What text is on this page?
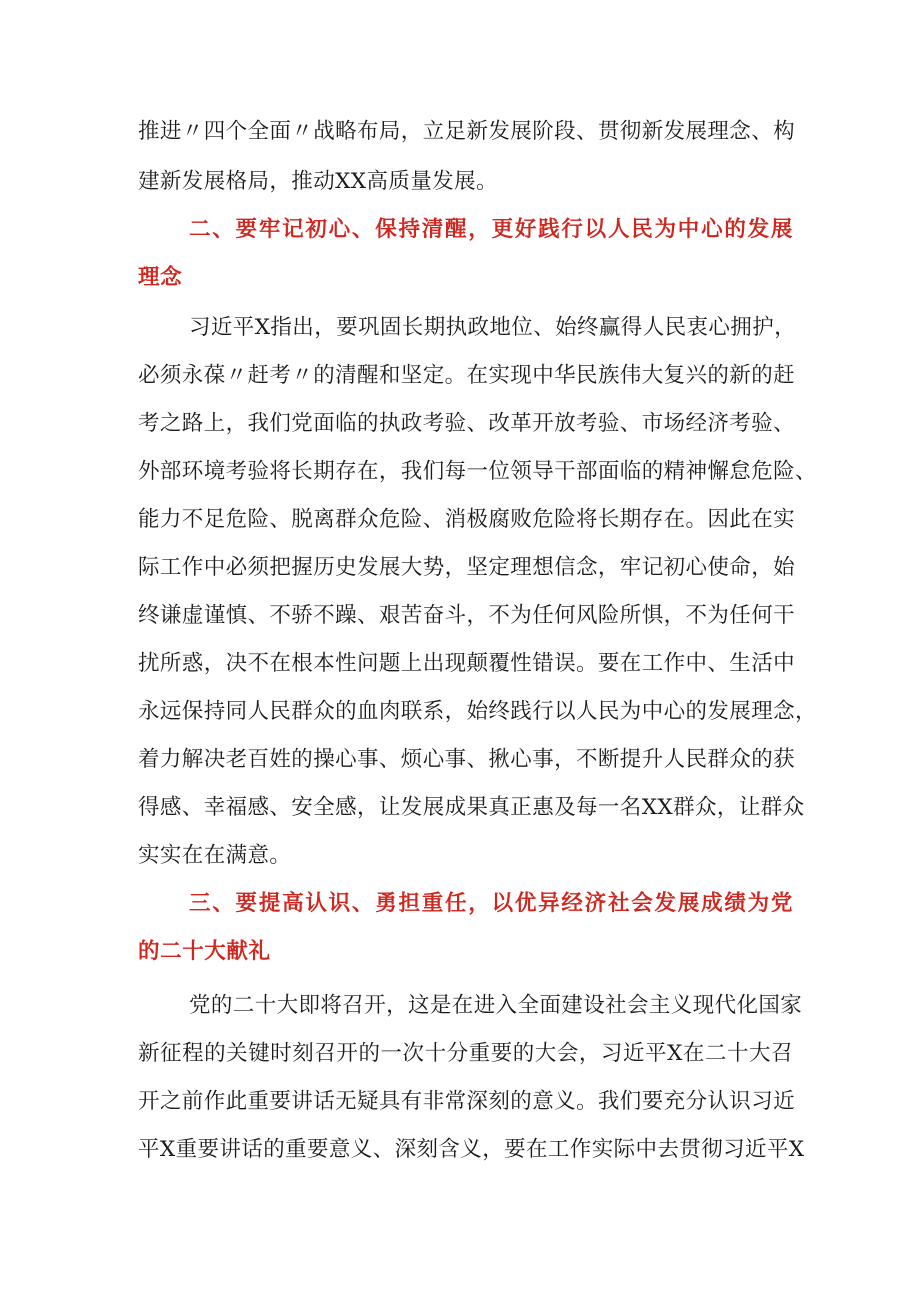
推进〃四个全面〃战略布局，立足新发展阶段、贯彻新发展理念、构
建新发展格局，推动XX高质量发展。
二、要牢记初心、保持清醒，更好践行以人民为中心的发展
理念
习近平X指出，要巩固长期执政地位、始终赢得人民衷心拥护，
必须永葆〃赶考〃的清醒和坚定。在实现中华民族伟大复兴的新的赶
考之路上，我们党面临的执政考验、改革开放考验、市场经济考验、
外部环境考验将长期存在，我们每一位领导干部面临的精神懈怠危险、
能力不足危险、脱离群众危险、消极腐败危险将长期存在。因此在实
际工作中必须把握历史发展大势，坚定理想信念，牢记初心使命，始
终谦虚谨慎、不骄不躁、艰苦奋斗，不为任何风险所惧，不为任何干
扰所惑，决不在根本性问题上出现颠覆性错误。要在工作中、生活中
永远保持同人民群众的血肉联系，始终践行以人民为中心的发展理念，
着力解决老百姓的操心事、烦心事、揪心事，不断提升人民群众的获
得感、幸福感、安全感，让发展成果真正惠及每一名XX群众，让群众
实实在在满意。
三、要提高认识、勇担重任，以优异经济社会发展成绩为党
的二十大献礼
党的二十大即将召开，这是在进入全面建设社会主义现代化国家
新征程的关键时刻召开的一次十分重要的大会，习近平X在二十大召
开之前作此重要讲话无疑具有非常深刻的意义。我们要充分认识习近
平X重要讲话的重要意义、深刻含义，要在工作实际中去贯彻习近平X
